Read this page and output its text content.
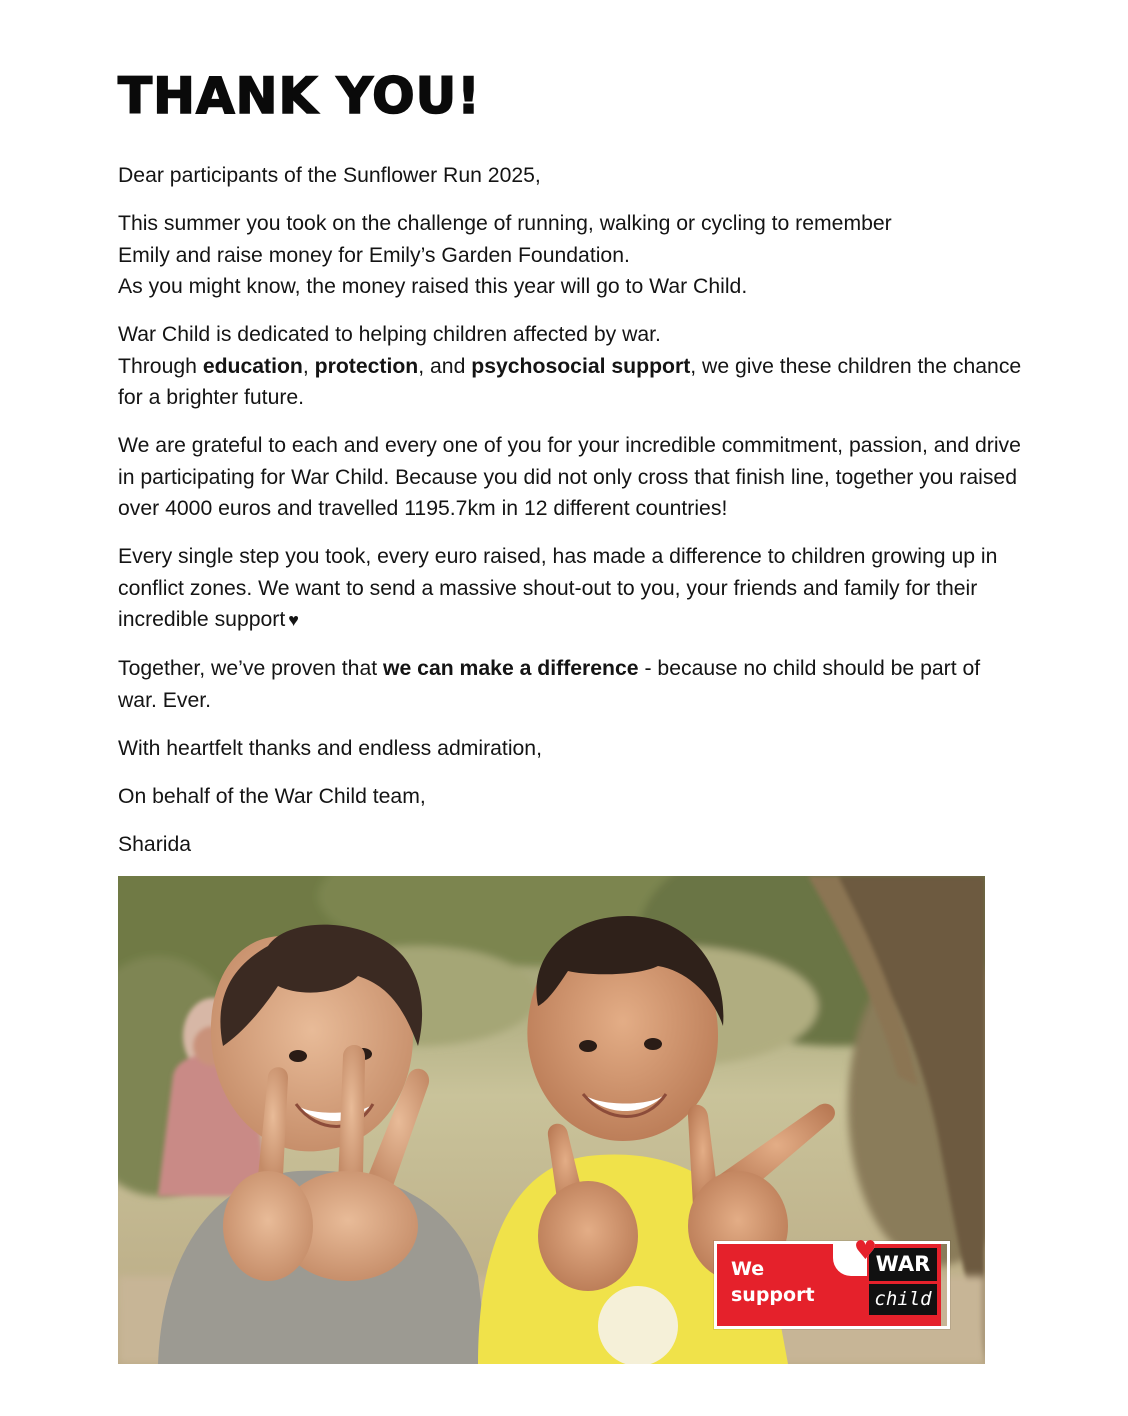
THANK YOU!

Dear participants of the Sunflower Run 2025,

This summer you took on the challenge of running, walking or cycling to remember
Emily and raise money for Emily’s Garden Foundation.
As you might know, the money raised this year will go to War Child.

War Child is dedicated to helping children affected by war.
Through education, protection, and psychosocial support, we give these children the chance for a brighter future.

We are grateful to each and every one of you for your incredible commitment, passion, and drive in participating for War Child. Because you did not only cross that finish line, together you raised over 4000 euros and travelled 1195.7km in 12 different countries!

Every single step you took, every euro raised, has made a difference to children growing up in conflict zones. We want to send a massive shout-out to you, your friends and family for their incredible support ♥

Together, we’ve proven that we can make a difference - because no child should be part of war. Ever.

With heartfelt thanks and endless admiration,

On behalf of the War Child team,

Sharida

We
support
♥
WAR
child
